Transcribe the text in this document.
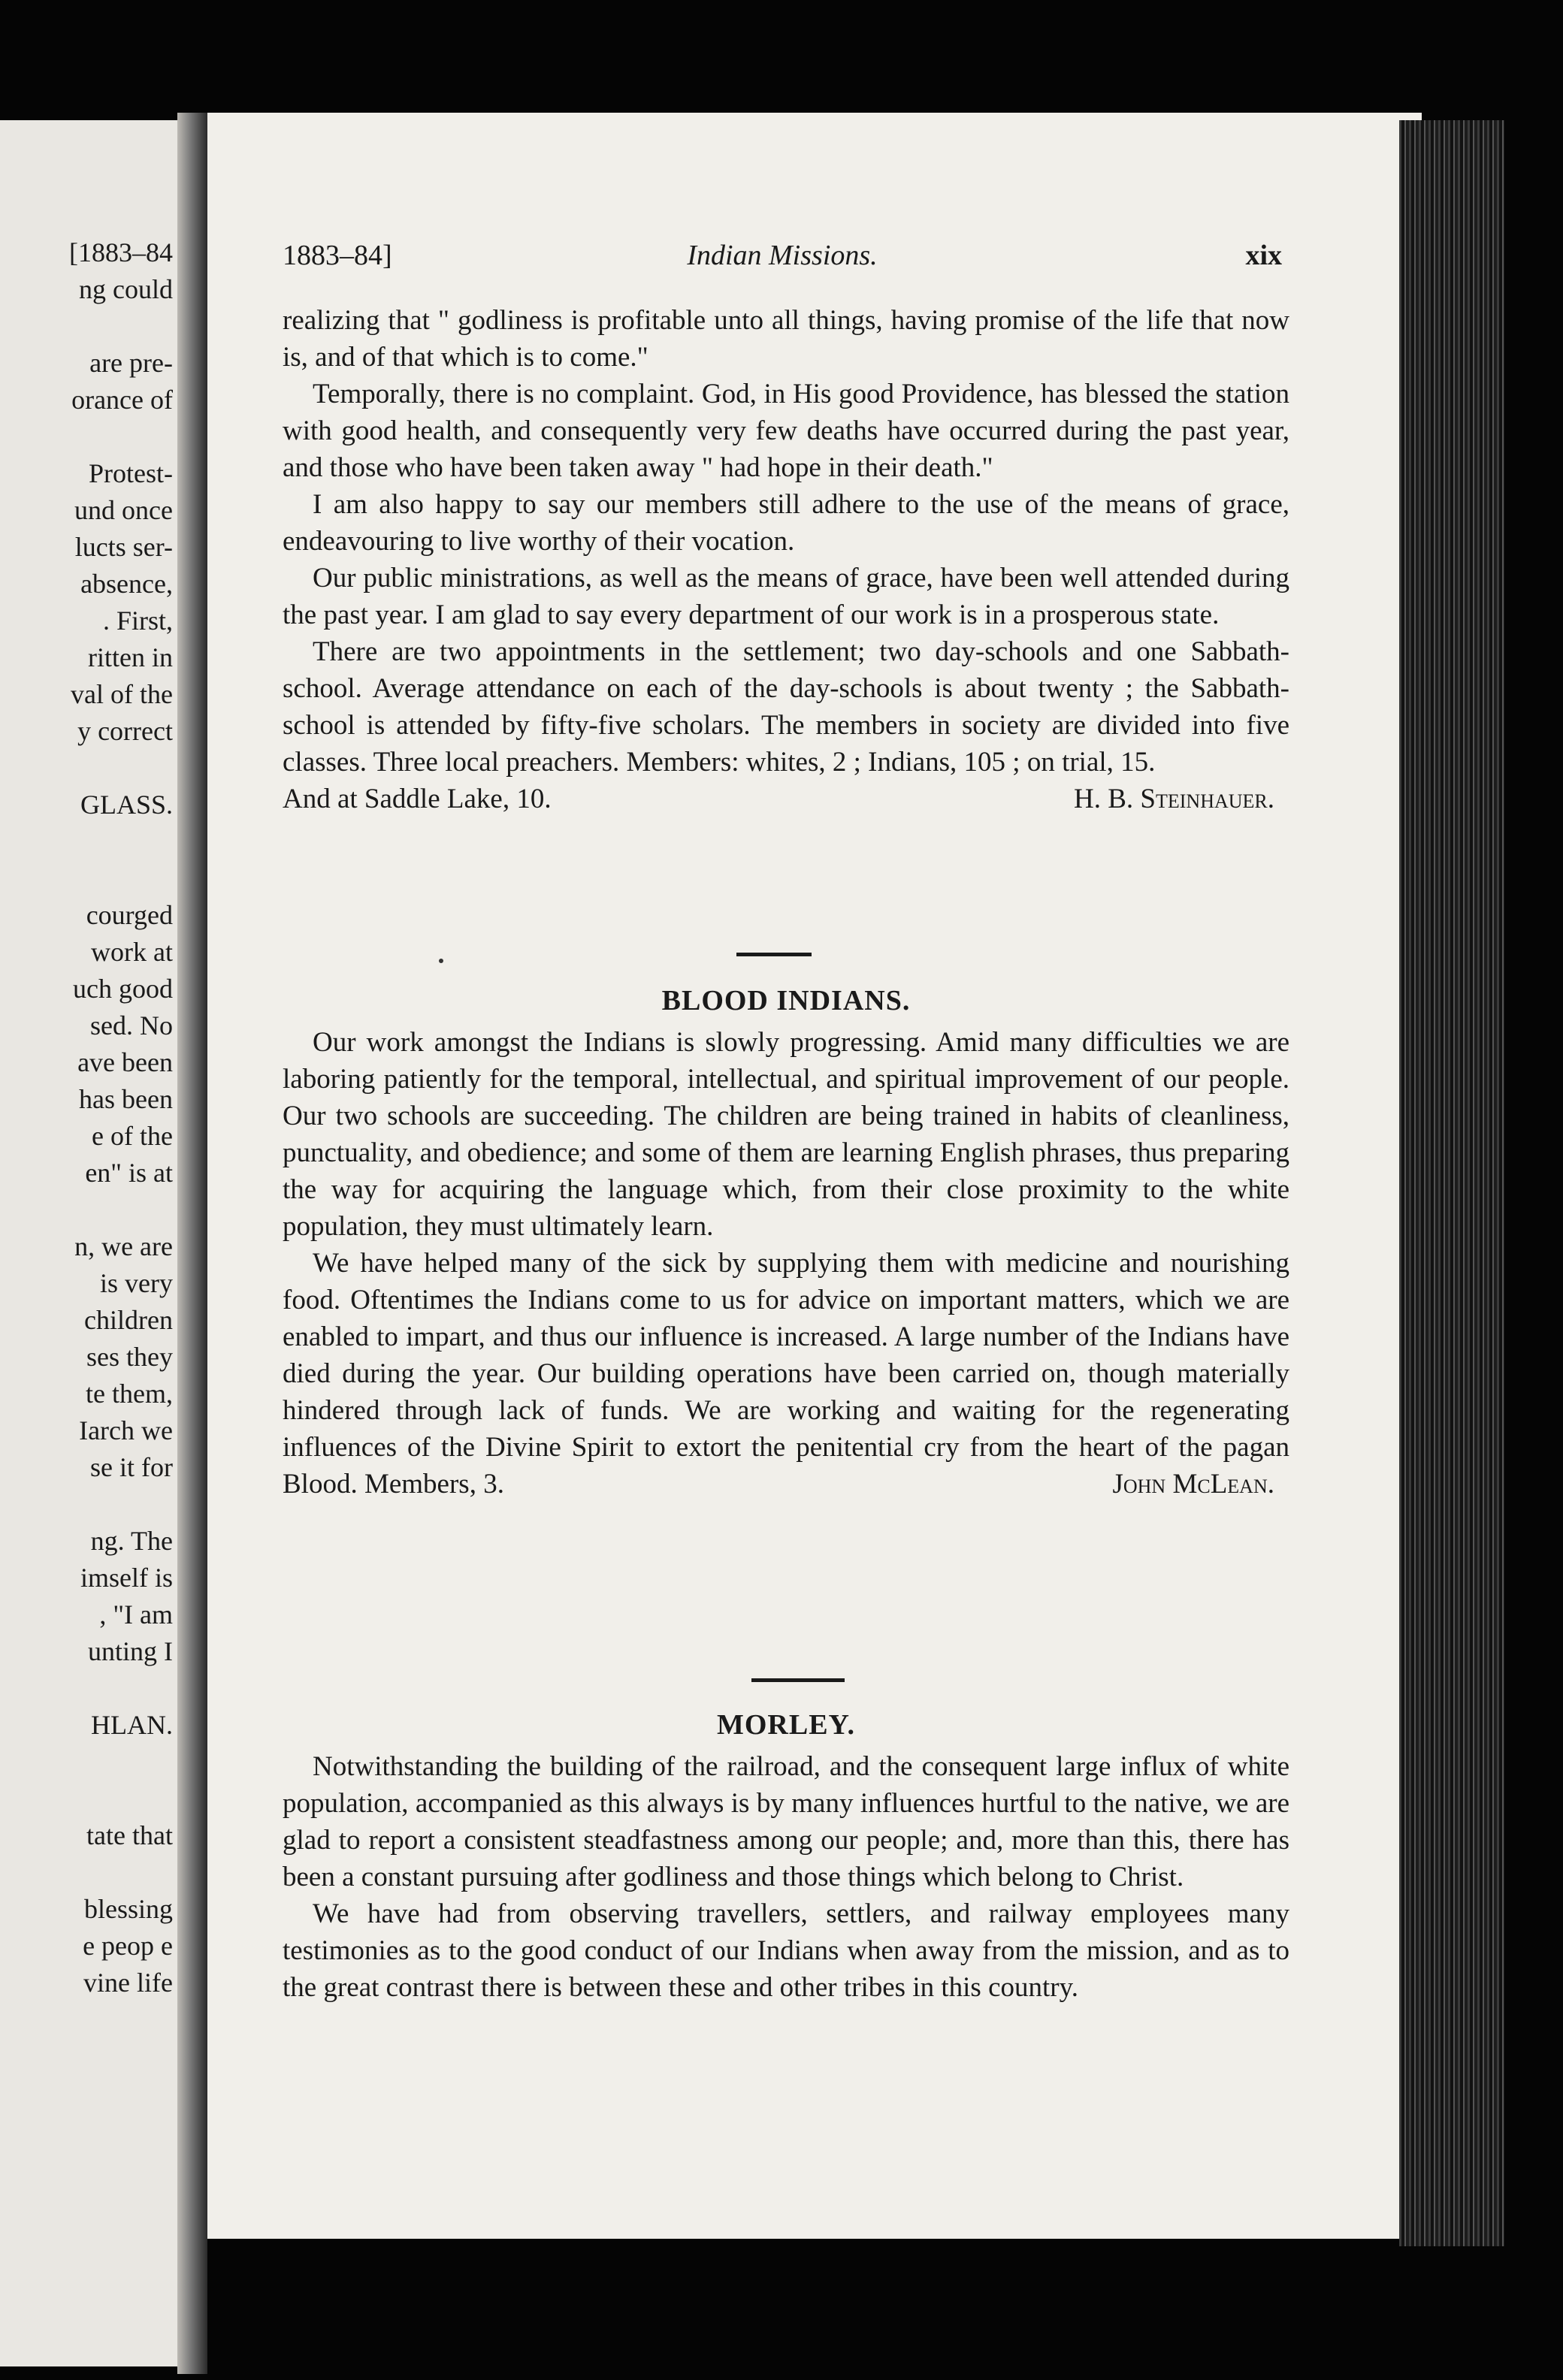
[1883–84
ng could
are pre-
orance of
Protest-
und once
lucts ser-
absence,
. First,
ritten in
val of the
y correct
GLASS.
courged
work at
uch good
sed. No
ave been
has been
e of the
en" is at
n, we are
is very
children
ses they
te them,
Iarch we
se it for
ng. The
imself is
, "I am
unting I
HLAN.
tate that
blessing
e peop e
vine life
1883–84]	Indian Missions.	xix

realizing that " godliness is profitable unto all things, having promise of the life that now is, and of that which is to come."

Temporally, there is no complaint. God, in His good Providence, has blessed the station with good health, and consequently very few deaths have occurred during the past year, and those who have been taken away " had hope in their death."

I am also happy to say our members still adhere to the use of the means of grace, endeavouring to live worthy of their vocation.

Our public ministrations, as well as the means of grace, have been well attended during the past year. I am glad to say every department of our work is in a prosperous state.

There are two appointments in the settlement; two day-schools and one Sabbath-school. Average attendance on each of the day-schools is about twenty ; the Sabbath-school is attended by fifty-five scholars. The members in society are divided into five classes. Three local preachers. Members: whites, 2 ; Indians, 105 ; on trial, 15.

And at Saddle Lake, 10.	H. B. Steinhauer.

BLOOD INDIANS.

Our work amongst the Indians is slowly progressing. Amid many difficulties we are laboring patiently for the temporal, intellectual, and spiritual improvement of our people. Our two schools are succeeding. The children are being trained in habits of cleanliness, punctuality, and obedience; and some of them are learning English phrases, thus preparing the way for acquiring the language which, from their close proximity to the white population, they must ultimately learn.

We have helped many of the sick by supplying them with medicine and nourishing food. Oftentimes the Indians come to us for advice on important matters, which we are enabled to impart, and thus our influence is increased. A large number of the Indians have died during the year. Our building operations have been carried on, though materially hindered through lack of funds. We are working and waiting for the regenerating influences of the Divine Spirit to extort the penitential cry from the heart of the pagan Blood. Members, 3.	John McLean.

MORLEY.

Notwithstanding the building of the railroad, and the consequent large influx of white population, accompanied as this always is by many influences hurtful to the native, we are glad to report a consistent steadfastness among our people; and, more than this, there has been a constant pursuing after godliness and those things which belong to Christ.

We have had from observing travellers, settlers, and railway employees many testimonies as to the good conduct of our Indians when away from the mission, and as to the great contrast there is between these and other tribes in this country.
